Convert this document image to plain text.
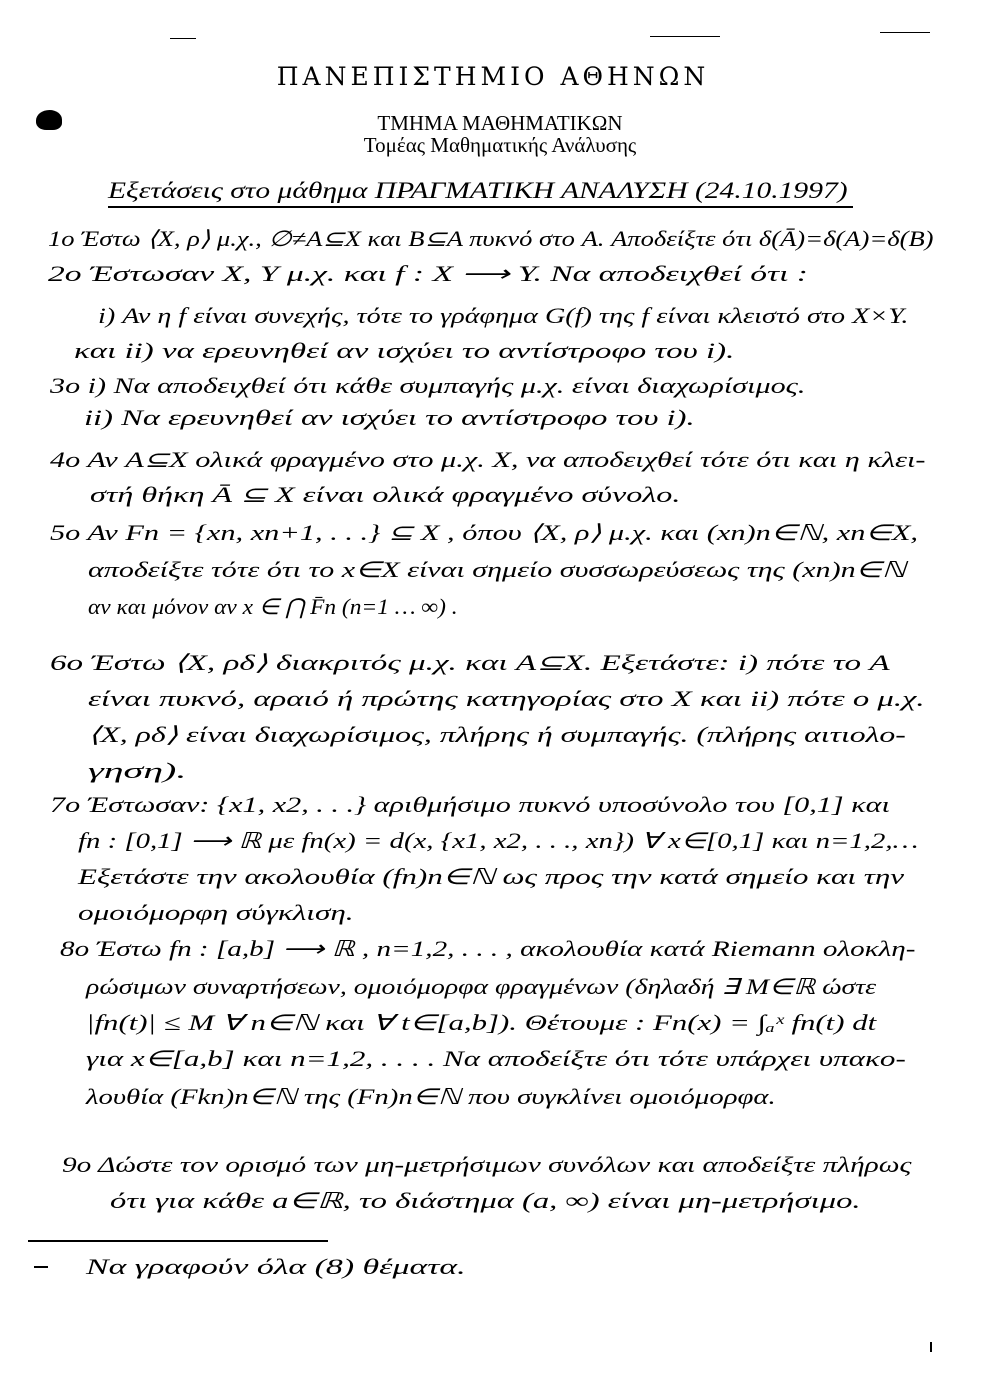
ΠΑΝΕΠΙΣΤΗΜΙΟ ΑΘΗΝΩΝ
ΤΜΗΜΑ ΜΑΘΗΜΑΤΙΚΩΝ
Τομέας Μαθηματικής Ανάλυσης
Εξετάσεις στο μάθημα ΠΡΑΓΜΑΤΙΚΗ ΑΝΑΛΥΣΗ (24.10.1997)
1ο Έστω ⟨X, ρ⟩ μ.χ., ∅≠A⊆X και B⊆A πυκνό στο A. Αποδείξτε ότι δ(Ā)=δ(A)=δ(B)
2ο Έστωσαν X, Y μ.χ. και f : X ⟶ Y. Να αποδειχθεί ότι :
i) Αν η f είναι συνεχής, τότε το γράφημα G(f) της f είναι κλειστό στο X×Y.
και ii) να ερευνηθεί αν ισχύει το αντίστροφο του i).
3ο i) Να αποδειχθεί ότι κάθε συμπαγής μ.χ. είναι διαχωρίσιμος.
ii) Να ερευνηθεί αν ισχύει το αντίστροφο του i).
4ο Αν A⊆X ολικά φραγμένο στο μ.χ. X, να αποδειχθεί τότε ότι και η κλει-
στή θήκη Ā ⊆ X είναι ολικά φραγμένο σύνολο.
5ο Αν Fn = {xn, xn+1, . . .} ⊆ X , όπου ⟨X, ρ⟩ μ.χ. και (xn)n∈ℕ, xn∈X,
αποδείξτε τότε ότι το x∈X είναι σημείο συσσωρεύσεως της (xn)n∈ℕ
αν και μόνον αν x ∈ ⋂ F̄n (n=1 … ∞) .
6ο Έστω ⟨X, ρδ⟩ διακριτός μ.χ. και A⊆X. Εξετάστε: i) πότε το A
είναι πυκνό, αραιό ή πρώτης κατηγορίας στο X και ii) πότε ο μ.χ.
⟨X, ρδ⟩ είναι διαχωρίσιμος, πλήρης ή συμπαγής. (πλήρης αιτιολο-
γηση).
7ο Έστωσαν: {x1, x2, . . .} αριθμήσιμο πυκνό υποσύνολο του [0,1] και
fn : [0,1] ⟶ ℝ με fn(x) = d(x, {x1, x2, . . ., xn}) ∀ x∈[0,1] και n=1,2,…
Εξετάστε την ακολουθία (fn)n∈ℕ ως προς την κατά σημείο και την
ομοιόμορφη σύγκλιση.
8ο Έστω fn : [a,b] ⟶ ℝ , n=1,2, . . . , ακολουθία κατά Riemann ολοκλη-
ρώσιμων συναρτήσεων, ομοιόμορφα φραγμένων (δηλαδή ∃ M∈ℝ ώστε
|fn(t)| ≤ M ∀ n∈ℕ και ∀ t∈[a,b]). Θέτουμε : Fn(x) = ∫ₐˣ fn(t) dt
για x∈[a,b] και n=1,2, . . . . Να αποδείξτε ότι τότε υπάρχει υπακο-
λουθία (Fkn)n∈ℕ της (Fn)n∈ℕ που συγκλίνει ομοιόμορφα.
9ο Δώστε τον ορισμό των μη-μετρήσιμων συνόλων και αποδείξτε πλήρως
ότι για κάθε a∈ℝ, το διάστημα (a, ∞) είναι μη-μετρήσιμο.
Να γραφούν όλα (8) θέματα.
